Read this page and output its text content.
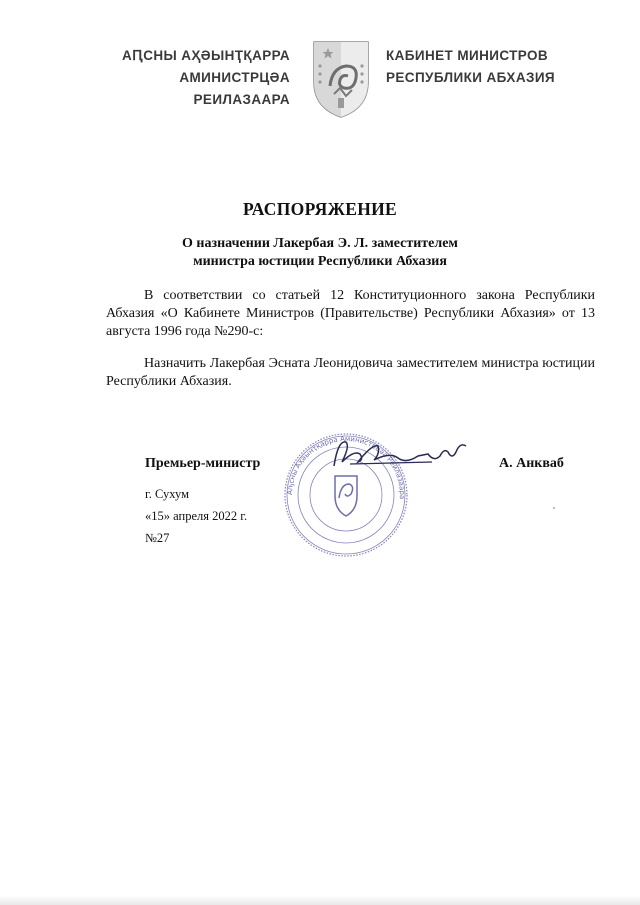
АԤСНЫ АҲӘЫНҬҚАРРА
АМИНИСТРЦӘА РЕИЛАЗААРА
КАБИНЕТ МИНИСТРОВ
РЕСПУБЛИКИ АБХАЗИЯ
РАСПОРЯЖЕНИЕ
О назначении Лакербая Э. Л. заместителем
министра юстиции Республики Абхазия
В соответствии со статьей 12 Конституционного закона Республики Абхазия «О Кабинете Министров (Правительстве) Республики Абхазия» от 13 августа 1996 года №290-с:
Назначить Лакербая Эсната Леонидовича заместителем министра юстиции Республики Абхазия.
Премьер-министр
Аҧсны Аҳәынҭқарра Аминистрцәа Реилазаара
А. Анкваб
г. Сухум
«15» апреля 2022 г.
№27
